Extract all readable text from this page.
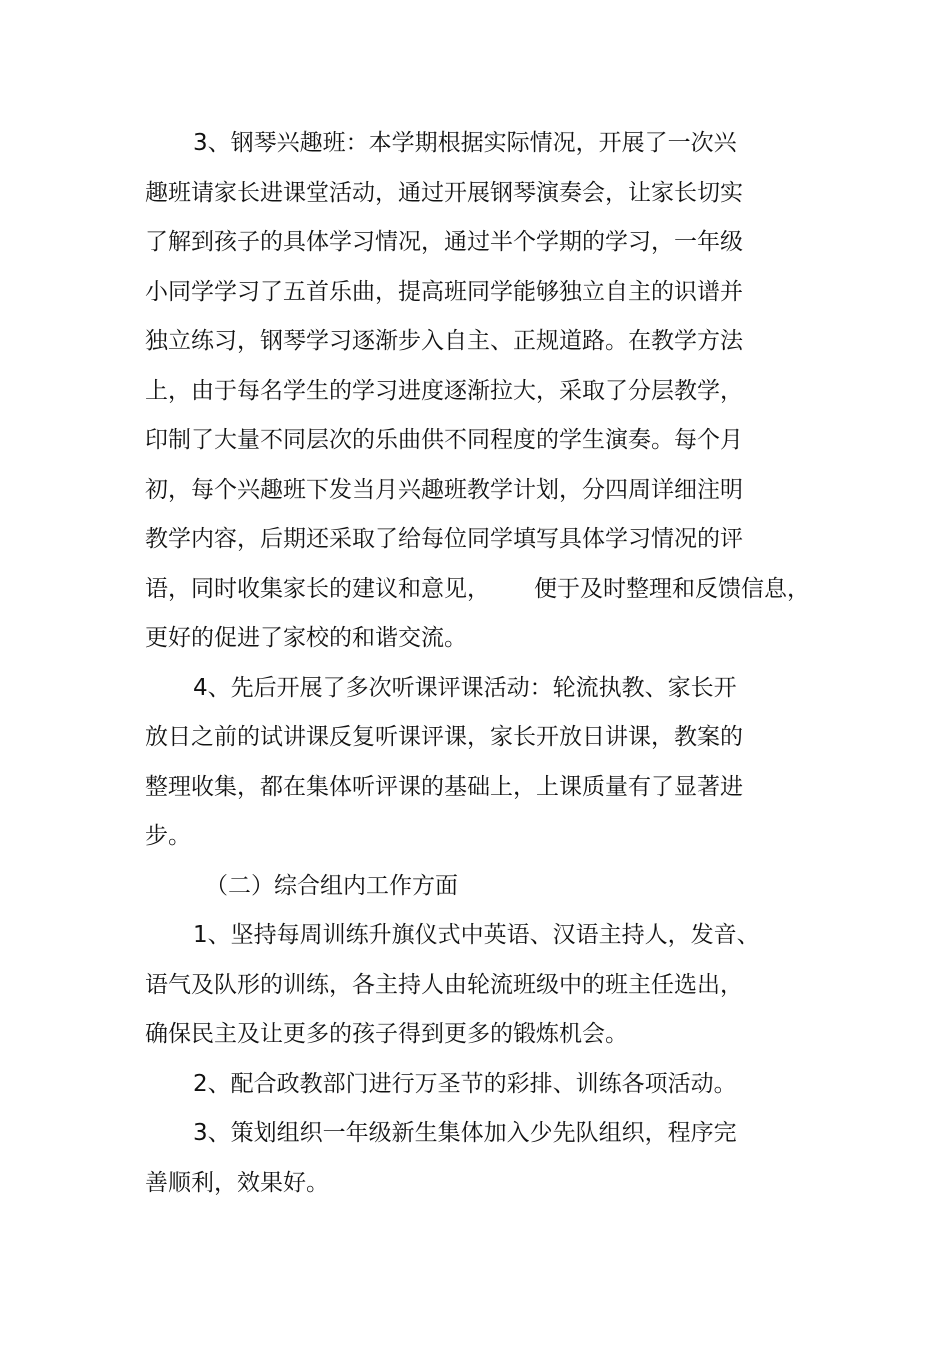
3、钢琴兴趣班：本学期根据实际情况，开展了一次兴
趣班请家长进课堂活动，通过开展钢琴演奏会，让家长切实
了解到孩子的具体学习情况，通过半个学期的学习，一年级
小同学学习了五首乐曲，提高班同学能够独立自主的识谱并
独立练习，钢琴学习逐渐步入自主、正规道路。在教学方法
上，由于每名学生的学习进度逐渐拉大，采取了分层教学，
印制了大量不同层次的乐曲供不同程度的学生演奏。每个月
初，每个兴趣班下发当月兴趣班教学计划，分四周详细注明
教学内容，后期还采取了给每位同学填写具体学习情况的评
语，同时收集家长的建议和意见， 便于及时整理和反馈信息，
更好的促进了家校的和谐交流。
4、先后开展了多次听课评课活动：轮流执教、家长开
放日之前的试讲课反复听课评课，家长开放日讲课，教案的
整理收集，都在集体听评课的基础上，上课质量有了显著进
步。
（二）综合组内工作方面
1、坚持每周训练升旗仪式中英语、汉语主持人，发音、
语气及队形的训练，各主持人由轮流班级中的班主任选出，
确保民主及让更多的孩子得到更多的锻炼机会。
2、配合政教部门进行万圣节的彩排、训练各项活动。
3、策划组织一年级新生集体加入少先队组织，程序完
善顺利，效果好。
